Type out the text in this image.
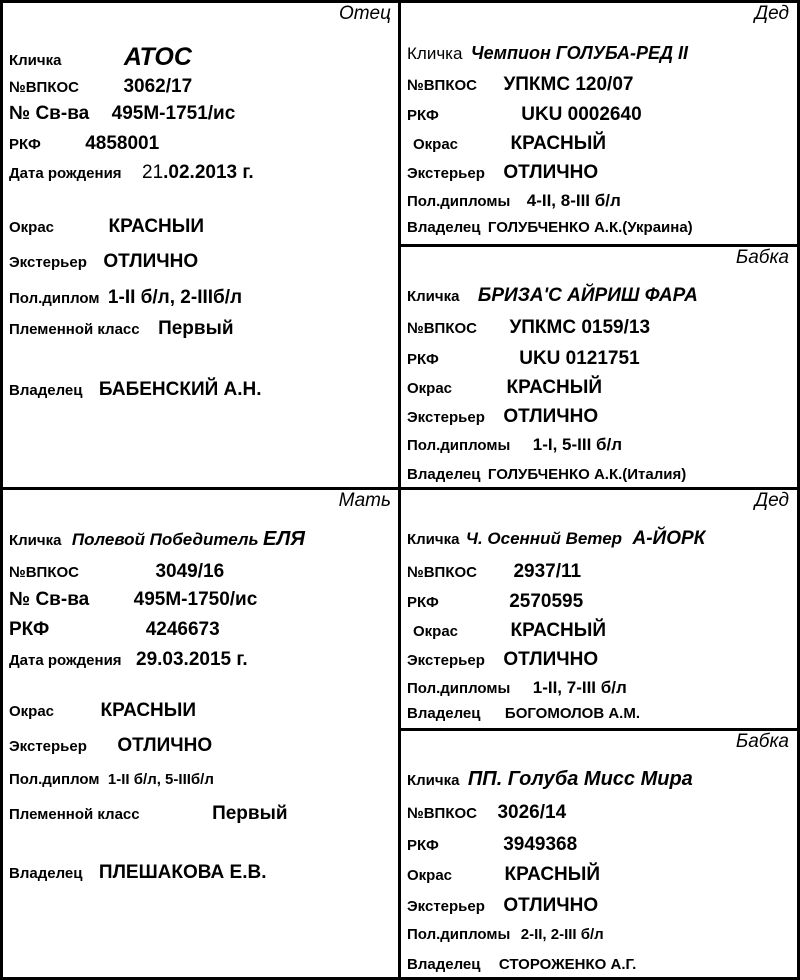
Отец
Кличка АТОС
№ВПКОС 3062/17
№ Св-ва 495М-1751/ис
РКФ 4858001
Дата рождения 21.02.2013 г.
Окрас	КРАСНЫИ
Экстерьер ОТЛИЧНО
Пол.диплом 1-II б/л, 2-IIIб/л
Племенной класс Первый
Владелец БАБЕНСКИЙ А.Н.
Дед
Кличка Чемпион ГОЛУБА-РЕД II
№ВПКОС УПКМС 120/07
РКФ	UKU 0002640
Окрас	КРАСНЫЙ
Экстерьер ОТЛИЧНО
Пол.дипломы 4-II, 8-III б/л
Владелец ГОЛУБЧЕНКО А.К.(Украина)
Бабка
Кличка БРИЗА'С АЙРИШ ФАРА
№ВПКОС УПКМС 0159/13
РКФ	UKU 0121751
Окрас	КРАСНЫЙ
Экстерьер ОТЛИЧНО
Пол.дипломы 1-I, 5-III б/л
Владелец ГОЛУБЧЕНКО А.К.(Италия)
Мать
Кличка Полевой Победитель ЕЛЯ
№ВПКОС	3049/16
№ Св-ва 495М-1750/ис
РКФ	4246673
Дата рождения 29.03.2015 г.
Окрас КРАСНЫИ
Экстерьер ОТЛИЧНО
Пол.диплом 1-II б/л, 5-IIIб/л
Племенной класс	Первый
Владелец ПЛЕШАКОВА Е.В.
Дед
Кличка Ч. Осенний Ветер А-ЙОРК
№ВПКОС 2937/11
РКФ	2570595
Окрас	КРАСНЫЙ
Экстерьер ОТЛИЧНО
Пол.дипломы 1-II, 7-III б/л
Владелец БОГОМОЛОВ А.М.
Бабка
Кличка ПП. Голуба Мисс Мира
№ВПКОС 3026/14
РКФ	3949368
Окрас	КРАСНЫЙ
Экстерьер ОТЛИЧНО
Пол.дипломы 2-II, 2-III б/л
Владелец СТОРОЖЕНКО А.Г.
